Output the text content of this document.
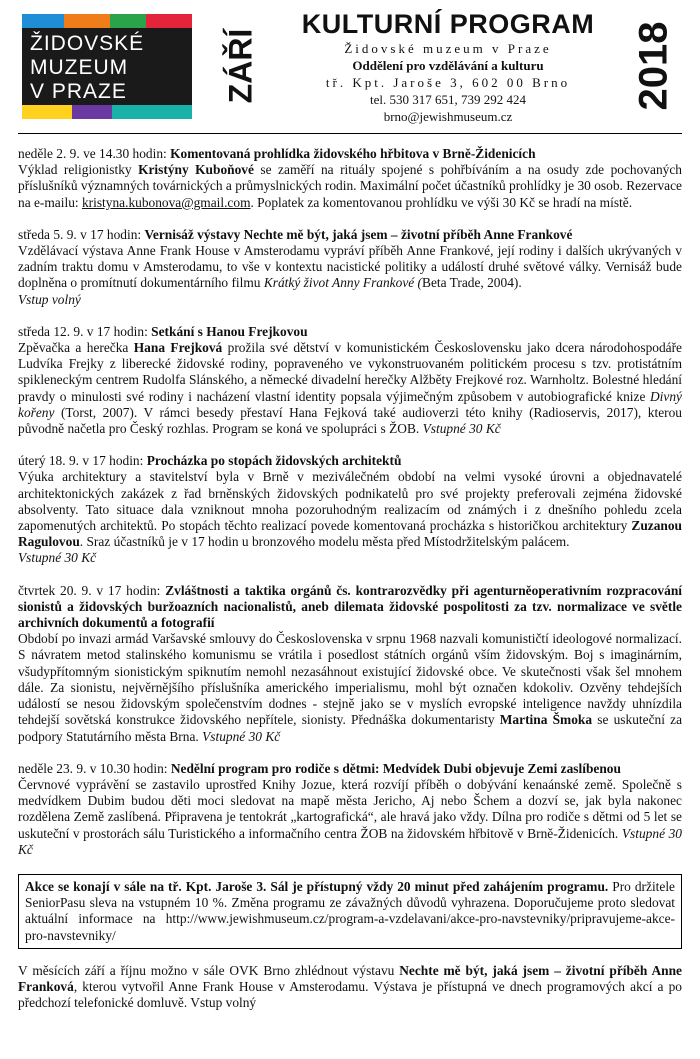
ŽIDOVSKÉ
MUZEUM
V PRAZE	ZÁŘÍ
KULTURNÍ PROGRAM
Židovské muzeum v Praze
Oddělení pro vzdělávání a kulturu
tř. Kpt. Jaroše 3, 602 00 Brno
tel. 530 317 651, 739 292 424
brno@jewishmuseum.cz
2018

neděle 2. 9. ve 14.30 hodin: Komentovaná prohlídka židovského hřbitova v Brně-Židenicích

Výklad religionistky Kristýny Kuboňové se zaměří na rituály spojené s pohřbíváním a na osudy zde pochovaných příslušníků významných továrnických a průmyslnických rodin. Maximální počet účastníků prohlídky je 30 osob. Rezervace na e-mailu: kristyna.kubonova@gmail.com. Poplatek za komentovanou prohlídku ve výši 30 Kč se hradí na místě.

středa 5. 9. v 17 hodin: Vernisáž výstavy Nechte mě být, jaká jsem – životní příběh Anne Frankové

Vzdělávací výstava Anne Frank House v Amsterodamu vypráví příběh Anne Frankové, její rodiny i dalších ukrývaných v zadním traktu domu v Amsterodamu, to vše v kontextu nacistické politiky a událostí druhé světové války. Vernisáž bude doplněna o promítnutí dokumentárního filmu Krátký život Anny Frankové (Beta Trade, 2004).
Vstup volný

středa 12. 9. v 17 hodin: Setkání s Hanou Frejkovou

Zpěvačka a herečka Hana Frejková prožila své dětství v komunistickém Československu jako dcera národohospodáře Ludvíka Frejky z liberecké židovské rodiny, popraveného ve vykonstruovaném politickém procesu s tzv. protistátním spikleneckým centrem Rudolfa Slánského, a německé divadelní herečky Alžběty Frejkové roz. Warnholtz. Bolestné hledání pravdy o minulosti své rodiny i nacházení vlastní identity popsala výjimečným způsobem v autobiografické knize Divný kořeny (Torst, 2007). V rámci besedy přestaví Hana Fejková také audioverzi této knihy (Radioservis, 2017), kterou původně načetla pro Český rozhlas. Program se koná ve spolupráci s ŽOB. Vstupné 30 Kč

úterý 18. 9. v 17 hodin: Procházka po stopách židovských architektů

Výuka architektury a stavitelství byla v Brně v meziválečném období na velmi vysoké úrovni a objednavatelé architektonických zakázek z řad brněnských židovských podnikatelů pro své projekty preferovali zejména židovské absolventy. Tato situace dala vzniknout mnoha pozoruhodným realizacím od známých i z dnešního pohledu zcela zapomenutých architektů. Po stopách těchto realizací povede komentovaná procházka s historičkou architektury Zuzanou Ragulovou. Sraz účastníků je v 17 hodin u bronzového modelu města před Místodržitelským palácem.
Vstupné 30 Kč

čtvrtek 20. 9. v 17 hodin: Zvláštnosti a taktika orgánů čs. kontrarozvědky při agenturněoperativním rozpracování sionistů a židovských buržoazních nacionalistů, aneb dilemata židovské pospolitosti za tzv. normalizace ve světle archivních dokumentů a fotografií

Období po invazi armád Varšavské smlouvy do Československa v srpnu 1968 nazvali komunističtí ideologové normalizací. S návratem metod stalinského komunismu se vrátila i posedlost státních orgánů vším židovským. Boj s imaginárním, všudypřítomným sionistickým spiknutím nemohl nezasáhnout existující židovské obce. Ve skutečnosti však šel mnohem dále. Za sionistu, nejvěrnějšího příslušníka amerického imperialismu, mohl být označen kdokoliv. Ozvěny tehdejších událostí se nesou židovským společenstvím dodnes - stejně jako se v myslích evropské inteligence navždy uhnízdila tehdejší sovětská konstrukce židovského nepřítele, sionisty. Přednáška dokumentaristy Martina Šmoka se uskuteční za podpory Statutárního města Brna. Vstupné 30 Kč

neděle 23. 9. v 10.30 hodin: Nedělní program pro rodiče s dětmi: Medvídek Dubi objevuje Zemi zaslíbenou

Červnové vyprávění se zastavilo uprostřed Knihy Jozue, která rozvíjí příběh o dobývání kenaánské země. Společně s medvídkem Dubim budou děti moci sledovat na mapě města Jericho, Aj nebo Šchem a dozví se, jak byla nakonec rozdělena Země zaslíbená. Připravena je tentokrát „kartografická“, ale hravá jako vždy. Dílna pro rodiče s dětmi od 5 let se uskuteční v prostorách sálu Turistického a informačního centra ŽOB na židovském hřbitově v Brně-Židenicích. Vstupné 30 Kč

Akce se konají v sále na tř. Kpt. Jaroše 3. Sál je přístupný vždy 20 minut před zahájením programu. Pro držitele SeniorPasu sleva na vstupném 10 %. Změna programu ze závažných důvodů vyhrazena. Doporučujeme proto sledovat aktuální informace na http://www.jewishmuseum.cz/program-a-vzdelavani/akce-pro-navstevniky/pripravujeme-akce-pro-navstevniky/

V měsících září a říjnu možno v sále OVK Brno zhlédnout výstavu Nechte mě být, jaká jsem – životní příběh Anne Franková, kterou vytvořil Anne Frank House v Amsterodamu. Výstava je přístupná ve dnech programových akcí a po předchozí telefonické domluvě. Vstup volný
